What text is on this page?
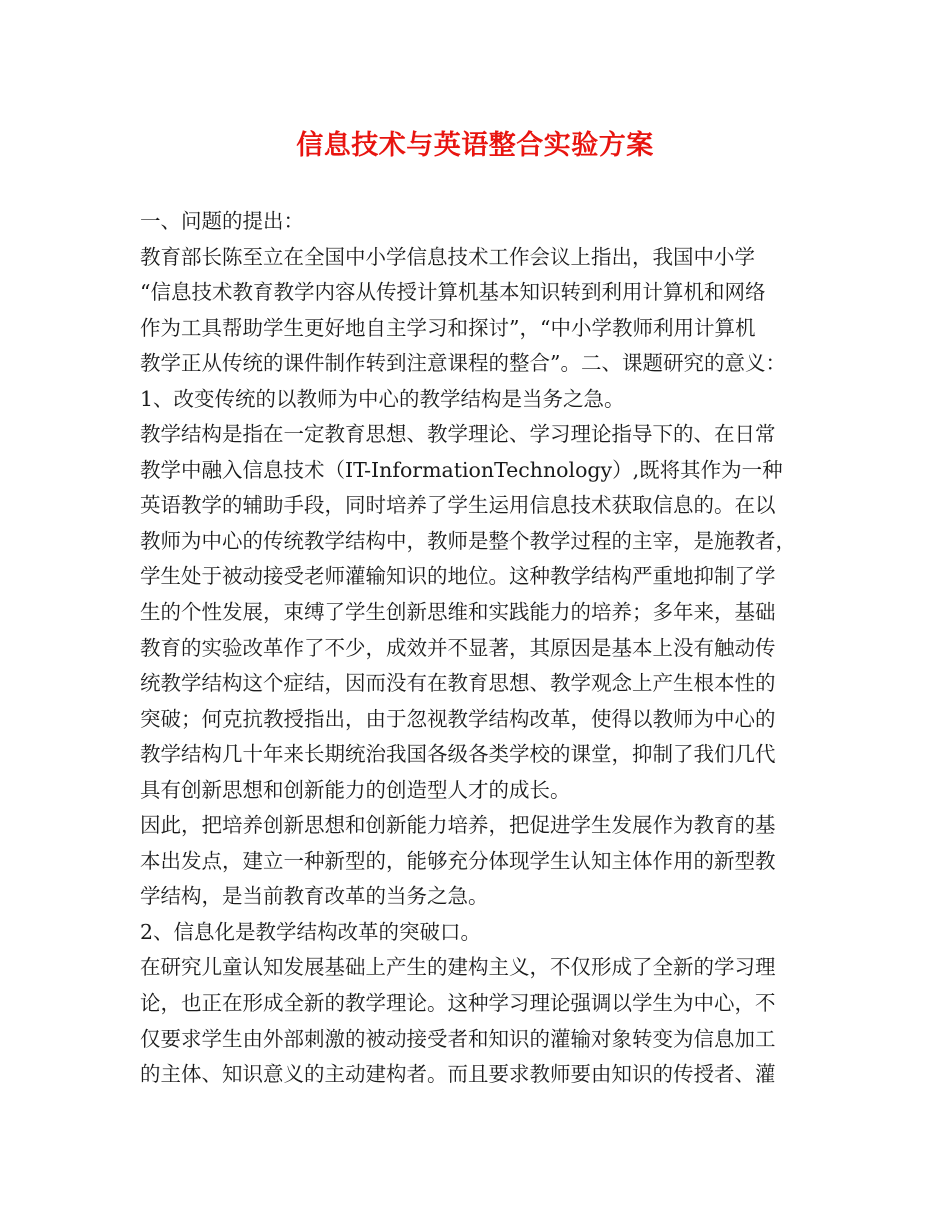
信息技术与英语整合实验方案
一、问题的提出：
教育部长陈至立在全国中小学信息技术工作会议上指出，我国中小学
“信息技术教育教学内容从传授计算机基本知识转到利用计算机和网络
作为工具帮助学生更好地自主学习和探讨”，“中小学教师利用计算机
教学正从传统的课件制作转到注意课程的整合”。二、课题研究的意义：
1、改变传统的以教师为中心的教学结构是当务之急。
教学结构是指在一定教育思想、教学理论、学习理论指导下的、在日常
教学中融入信息技术（IT-InformationTechnology）,既将其作为一种
英语教学的辅助手段，同时培养了学生运用信息技术获取信息的。在以
教师为中心的传统教学结构中，教师是整个教学过程的主宰，是施教者，
学生处于被动接受老师灌输知识的地位。这种教学结构严重地抑制了学
生的个性发展，束缚了学生创新思维和实践能力的培养；多年来，基础
教育的实验改革作了不少，成效并不显著，其原因是基本上没有触动传
统教学结构这个症结，因而没有在教育思想、教学观念上产生根本性的
突破；何克抗教授指出，由于忽视教学结构改革，使得以教师为中心的
教学结构几十年来长期统治我国各级各类学校的课堂，抑制了我们几代
具有创新思想和创新能力的创造型人才的成长。
因此，把培养创新思想和创新能力培养，把促进学生发展作为教育的基
本出发点，建立一种新型的，能够充分体现学生认知主体作用的新型教
学结构，是当前教育改革的当务之急。
2、信息化是教学结构改革的突破口。
在研究儿童认知发展基础上产生的建构主义，不仅形成了全新的学习理
论，也正在形成全新的教学理论。这种学习理论强调以学生为中心，不
仅要求学生由外部刺激的被动接受者和知识的灌输对象转变为信息加工
的主体、知识意义的主动建构者。而且要求教师要由知识的传授者、灌
